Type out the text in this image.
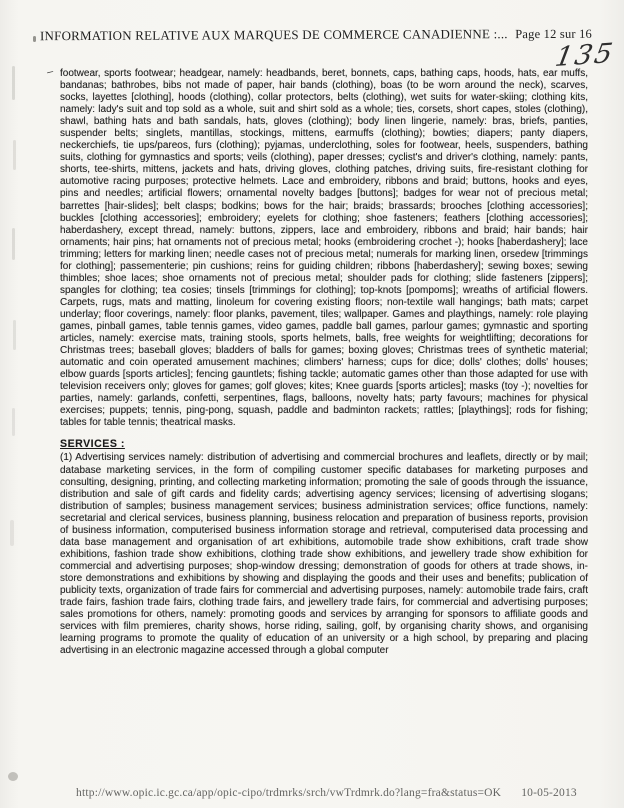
INFORMATION RELATIVE AUX MARQUES DE COMMERCE CANADIENNE :... Page 12 sur 16
135
– footwear, sports footwear; headgear, namely: headbands, beret, bonnets, caps, bathing caps, hoods, hats, ear muffs, bandanas; bathrobes, bibs not made of paper, hair bands (clothing), boas (to be worn around the neck), scarves, socks, layettes [clothing], hoods (clothing), collar protectors, belts (clothing), wet suits for water-skiing; clothing kits, namely: lady's suit and top sold as a whole, suit and shirt sold as a whole; ties, corsets, short capes, stoles (clothing), shawl, bathing hats and bath sandals, hats, gloves (clothing); body linen lingerie, namely: bras, briefs, panties, suspender belts; singlets, mantillas, stockings, mittens, earmuffs (clothing); bowties; diapers; panty diapers, neckerchiefs, tie ups/pareos, furs (clothing); pyjamas, underclothing, soles for footwear, heels, suspenders, bathing suits, clothing for gymnastics and sports; veils (clothing), paper dresses; cyclist's and driver's clothing, namely: pants, shorts, tee-shirts, mittens, jackets and hats, driving gloves, clothing patches, driving suits, fire-resistant clothing for automotive racing purposes; protective helmets. Lace and embroidery, ribbons and braid; buttons, hooks and eyes, pins and needles; artificial flowers; ornamental novelty badges [buttons]; badges for wear not of precious metal; barrettes [hair-slides]; belt clasps; bodkins; bows for the hair; braids; brassards; brooches [clothing accessories]; buckles [clothing accessories]; embroidery; eyelets for clothing; shoe fasteners; feathers [clothing accessories]; haberdashery, except thread, namely: buttons, zippers, lace and embroidery, ribbons and braid; hair bands; hair ornaments; hair pins; hat ornaments not of precious metal; hooks (embroidering crochet -); hooks [haberdashery]; lace trimming; letters for marking linen; needle cases not of precious metal; numerals for marking linen, orsedew [trimmings for clothing]; passementerie; pin cushions; reins for guiding children; ribbons [haberdashery]; sewing boxes; sewing thimbles; shoe laces; shoe ornaments not of precious metal; shoulder pads for clothing; slide fasteners [zippers]; spangles for clothing; tea cosies; tinsels [trimmings for clothing]; top-knots [pompoms]; wreaths of artificial flowers. Carpets, rugs, mats and matting, linoleum for covering existing floors; non-textile wall hangings; bath mats; carpet underlay; floor coverings, namely: floor planks, pavement, tiles; wallpaper. Games and playthings, namely: role playing games, pinball games, table tennis games, video games, paddle ball games, parlour games; gymnastic and sporting articles, namely: exercise mats, training stools, sports helmets, balls, free weights for weightlifting; decorations for Christmas trees; baseball gloves; bladders of balls for games; boxing gloves; Christmas trees of synthetic material; automatic and coin operated amusement machines; climbers' harness; cups for dice; dolls' clothes; dolls' houses; elbow guards [sports articles]; fencing gauntlets; fishing tackle; automatic games other than those adapted for use with television receivers only; gloves for games; golf gloves; kites; Knee guards [sports articles]; masks (toy -); novelties for parties, namely: garlands, confetti, serpentines, flags, balloons, novelty hats; party favours; machines for physical exercises; puppets; tennis, ping-pong, squash, paddle and badminton rackets; rattles; [playthings]; rods for fishing; tables for table tennis; theatrical masks.
SERVICES :
(1) Advertising services namely: distribution of advertising and commercial brochures and leaflets, directly or by mail; database marketing services, in the form of compiling customer specific databases for marketing purposes and consulting, designing, printing, and collecting marketing information; promoting the sale of goods through the issuance, distribution and sale of gift cards and fidelity cards; advertising agency services; licensing of advertising slogans; distribution of samples; business management services; business administration services; office functions, namely: secretarial and clerical services, business planning, business relocation and preparation of business reports, provision of business information, computerised business information storage and retrieval, computerised data processing and data base management and organisation of art exhibitions, automobile trade show exhibitions, craft trade show exhibitions, fashion trade show exhibitions, clothing trade show exhibitions, and jewellery trade show exhibition for commercial and advertising purposes; shop-window dressing; demonstration of goods for others at trade shows, in-store demonstrations and exhibitions by showing and displaying the goods and their uses and benefits; publication of publicity texts, organization of trade fairs for commercial and advertising purposes, namely: automobile trade fairs, craft trade fairs, fashion trade fairs, clothing trade fairs, and jewellery trade fairs, for commercial and advertising purposes; sales promotions for others, namely: promoting goods and services by arranging for sponsors to affiliate goods and services with film premieres, charity shows, horse riding, sailing, golf, by organising charity shows, and organising learning programs to promote the quality of education of an university or a high school, by preparing and placing advertising in an electronic magazine accessed through a global computer
http://www.opic.ic.gc.ca/app/opic-cipo/trdmrks/srch/vwTrdmrk.do?lang=fra&status=OK	10-05-2013
